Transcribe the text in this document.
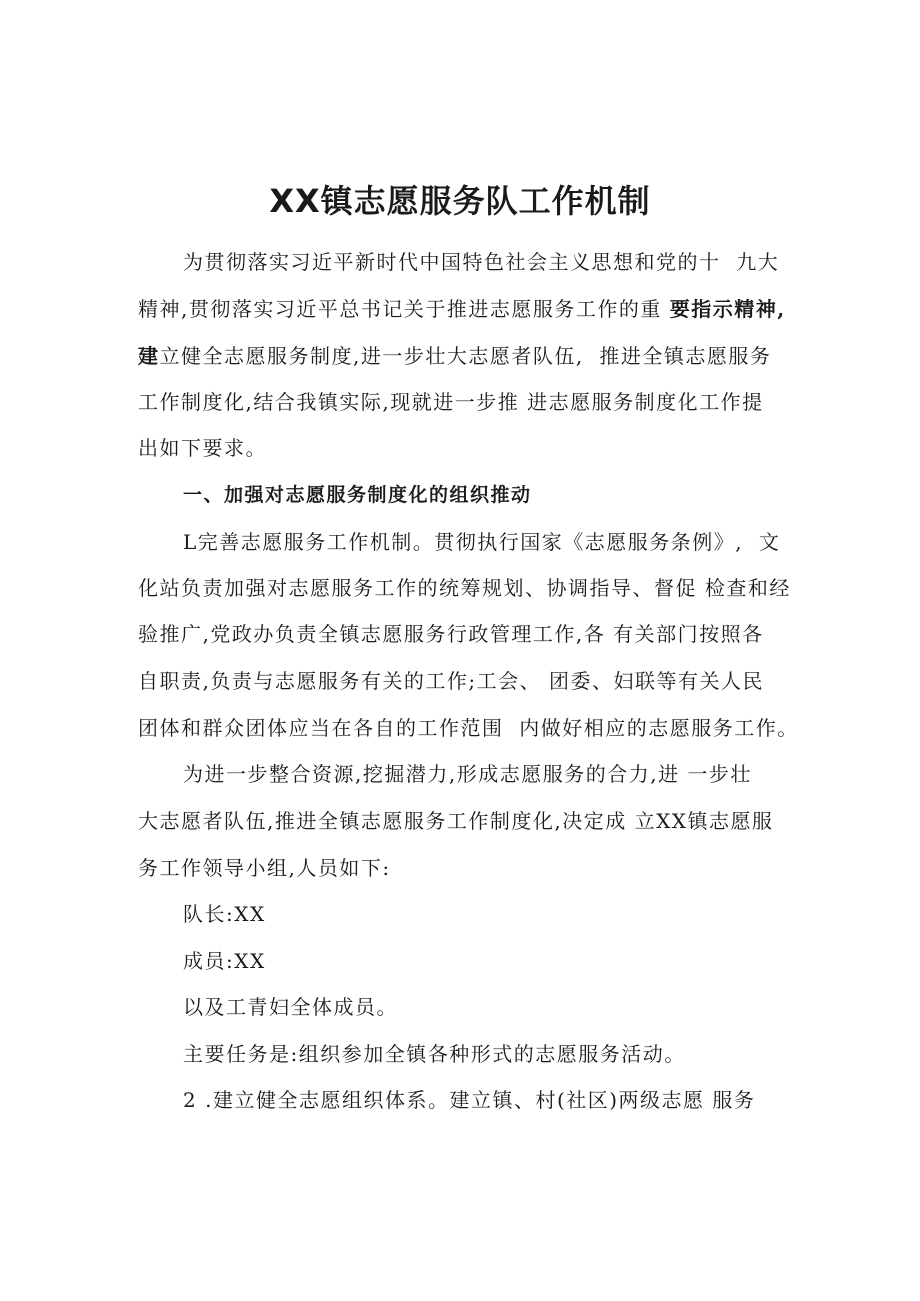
XX镇志愿服务队工作机制

为贯彻落实习近平新时代中国特色社会主义思想和党的十  九大

精神,贯彻落实习近平总书记关于推进志愿服务工作的重 要指示精神,

建立健全志愿服务制度,进一步壮大志愿者队伍,  推进全镇志愿服务

工作制度化,结合我镇实际,现就进一步推 进志愿服务制度化工作提

出如下要求。

一、加强对志愿服务制度化的组织推动

L完善志愿服务工作机制。贯彻执行国家《志愿服务条例》,  文

化站负责加强对志愿服务工作的统筹规划、协调指导、督促 检查和经

验推广,党政办负责全镇志愿服务行政管理工作,各 有关部门按照各

自职责,负责与志愿服务有关的工作;工会、 团委、妇联等有关人民

团体和群众团体应当在各自的工作范围  内做好相应的志愿服务工作。

为进一步整合资源,挖掘潜力,形成志愿服务的合力,进 一步壮

大志愿者队伍,推进全镇志愿服务工作制度化,决定成 立XX镇志愿服

务工作领导小组,人员如下:

队长:XX

成员:XX

以及工青妇全体成员。

主要任务是:组织参加全镇各种形式的志愿服务活动。

2 .建立健全志愿组织体系。建立镇、村(社区)两级志愿 服务
